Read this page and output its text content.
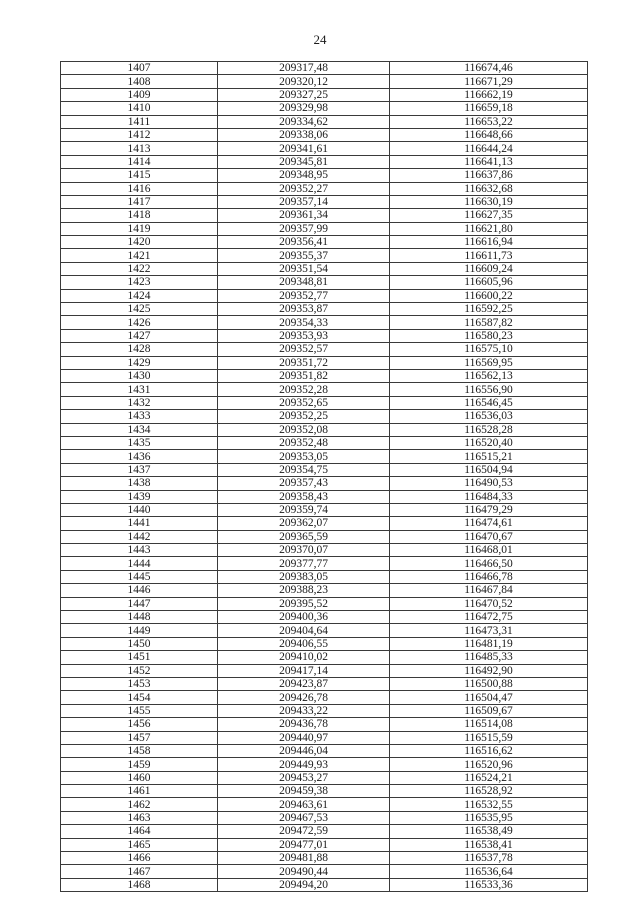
24
1407	209317,48	116674,46
1408	209320,12	116671,29
1409	209327,25	116662,19
1410	209329,98	116659,18
1411	209334,62	116653,22
1412	209338,06	116648,66
1413	209341,61	116644,24
1414	209345,81	116641,13
1415	209348,95	116637,86
1416	209352,27	116632,68
1417	209357,14	116630,19
1418	209361,34	116627,35
1419	209357,99	116621,80
1420	209356,41	116616,94
1421	209355,37	116611,73
1422	209351,54	116609,24
1423	209348,81	116605,96
1424	209352,77	116600,22
1425	209353,87	116592,25
1426	209354,33	116587,82
1427	209353,93	116580,23
1428	209352,57	116575,10
1429	209351,72	116569,95
1430	209351,82	116562,13
1431	209352,28	116556,90
1432	209352,65	116546,45
1433	209352,25	116536,03
1434	209352,08	116528,28
1435	209352,48	116520,40
1436	209353,05	116515,21
1437	209354,75	116504,94
1438	209357,43	116490,53
1439	209358,43	116484,33
1440	209359,74	116479,29
1441	209362,07	116474,61
1442	209365,59	116470,67
1443	209370,07	116468,01
1444	209377,77	116466,50
1445	209383,05	116466,78
1446	209388,23	116467,84
1447	209395,52	116470,52
1448	209400,36	116472,75
1449	209404,64	116473,31
1450	209406,55	116481,19
1451	209410,02	116485,33
1452	209417,14	116492,90
1453	209423,87	116500,88
1454	209426,78	116504,47
1455	209433,22	116509,67
1456	209436,78	116514,08
1457	209440,97	116515,59
1458	209446,04	116516,62
1459	209449,93	116520,96
1460	209453,27	116524,21
1461	209459,38	116528,92
1462	209463,61	116532,55
1463	209467,53	116535,95
1464	209472,59	116538,49
1465	209477,01	116538,41
1466	209481,88	116537,78
1467	209490,44	116536,64
1468	209494,20	116533,36
